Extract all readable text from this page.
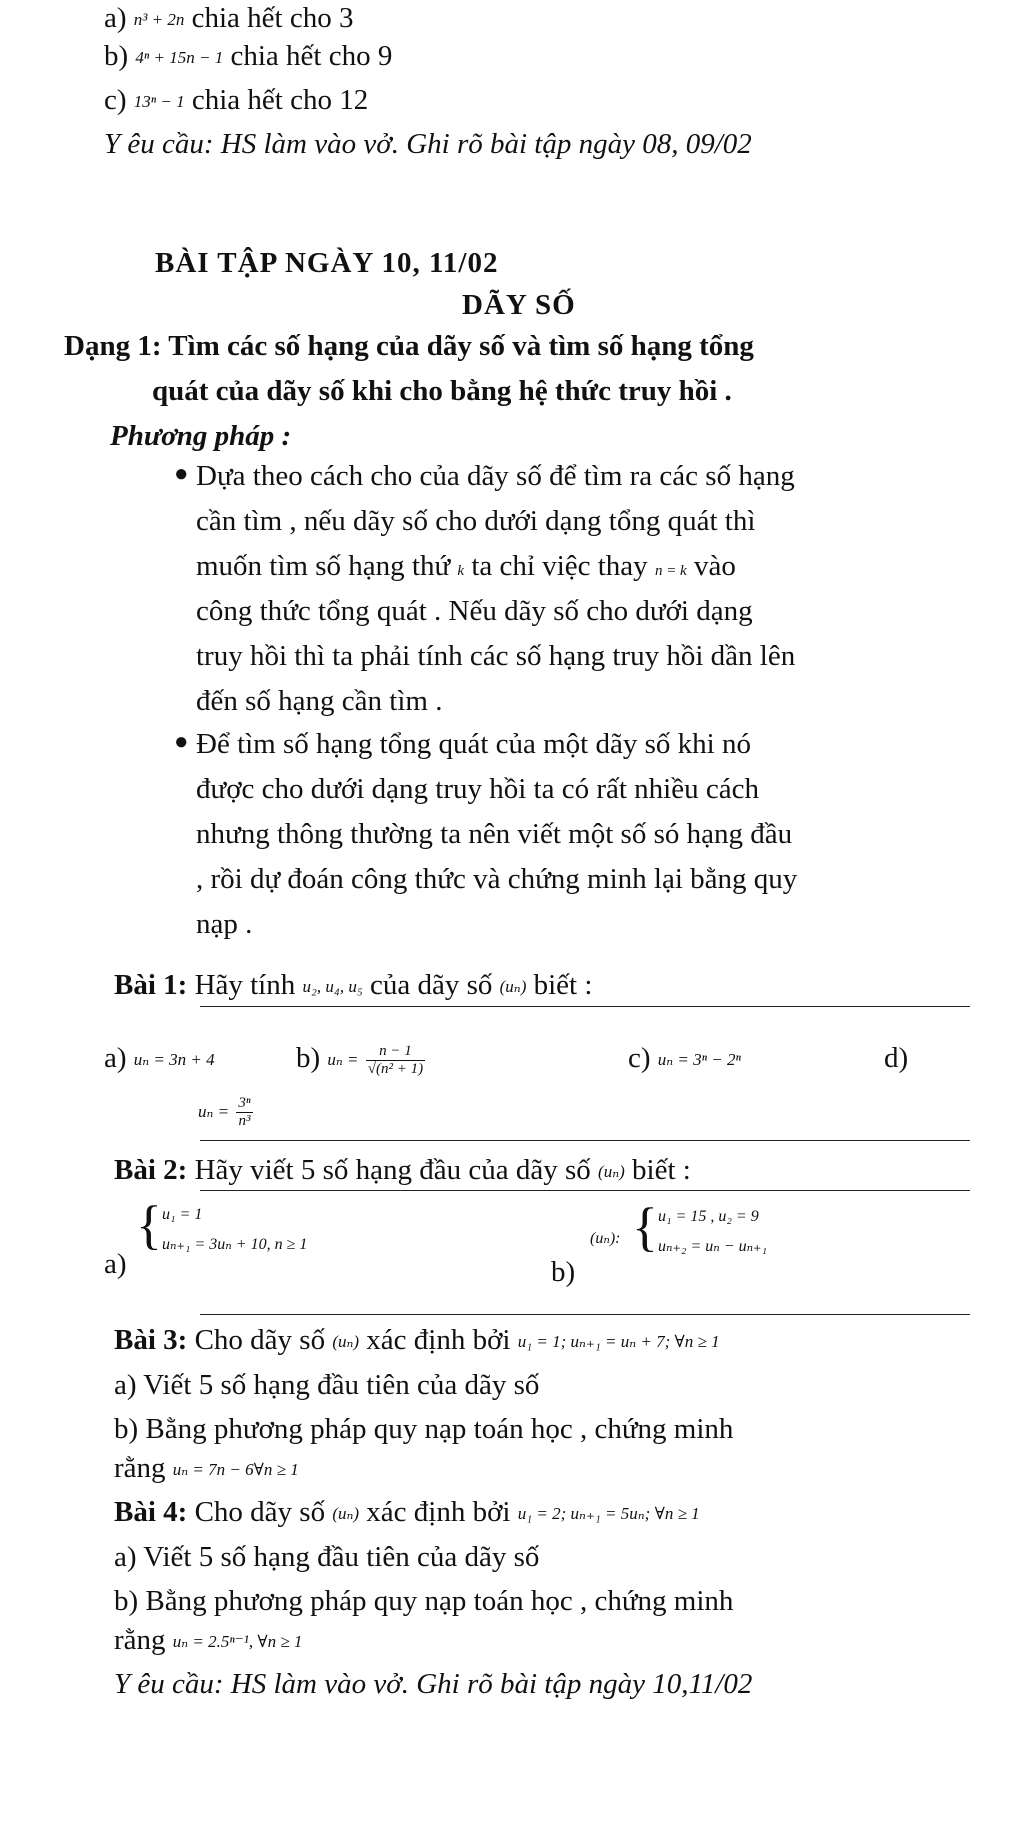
a) n³ + 2n chia hết cho 3
b) 4ⁿ + 15n − 1 chia hết cho 9
c) 13ⁿ − 1 chia hết cho 12
Y êu cầu: HS làm vào vở. Ghi rõ bài tập ngày 08, 09/02
BÀI TẬP NGÀY 10, 11/02
DÃY SỐ
Dạng 1: Tìm các số hạng của dãy số và tìm số hạng tổng
quát của dãy số khi cho bằng hệ thức truy hồi .
Phương pháp :
● Dựa theo cách cho của dãy số để tìm ra các số hạng
cần tìm , nếu dãy số cho dưới dạng tổng quát thì
muốn tìm số hạng thứ k ta chỉ việc thay n = k vào
công thức tổng quát . Nếu dãy số cho dưới dạng
truy hồi thì ta phải tính các số hạng truy hồi dần lên
đến số hạng cần tìm .
● Để tìm số hạng tổng quát của một dãy số khi nó
được cho dưới dạng truy hồi ta có rất nhiều cách
nhưng thông thường ta nên viết một số só hạng đầu
, rồi dự đoán công thức và chứng minh lại bằng quy
nạp .
Bài 1: Hãy tính u₂, u₄, u₅ của dãy số (uₙ) biết :
a) uₙ = 3n + 4	b) $u_n = \frac{n - 1}{\text{√(n² + 1)}}$	c) uₙ = 3ⁿ − 2ⁿ	d)
$u_n = \frac{\text{3ⁿ}}{\text{n³}}$
Bài 2: Hãy viết 5 số hạng đầu của dãy số (uₙ) biết :
a)
{ u₁ = 1
uₙ₊₁ = 3uₙ + 10, n ≥ 1
b)
(uₙ): { u₁ = 15 , u₂ = 9
uₙ₊₂ = uₙ − uₙ₊₁
Bài 3: Cho dãy số (uₙ) xác định bởi u₁ = 1; uₙ₊₁ = uₙ + 7; ∀n ≥ 1
a) Viết 5 số hạng đầu tiên của dãy số
b) Bằng phương pháp quy nạp toán học , chứng minh
rằng uₙ = 7n − 6∀n ≥ 1
Bài 4: Cho dãy số (uₙ) xác định bởi u₁ = 2; uₙ₊₁ = 5uₙ; ∀n ≥ 1
a) Viết 5 số hạng đầu tiên của dãy số
b) Bằng phương pháp quy nạp toán học , chứng minh
rằng uₙ = 2.5ⁿ⁻¹, ∀n ≥ 1
Y êu cầu: HS làm vào vở. Ghi rõ bài tập ngày 10,11/02
